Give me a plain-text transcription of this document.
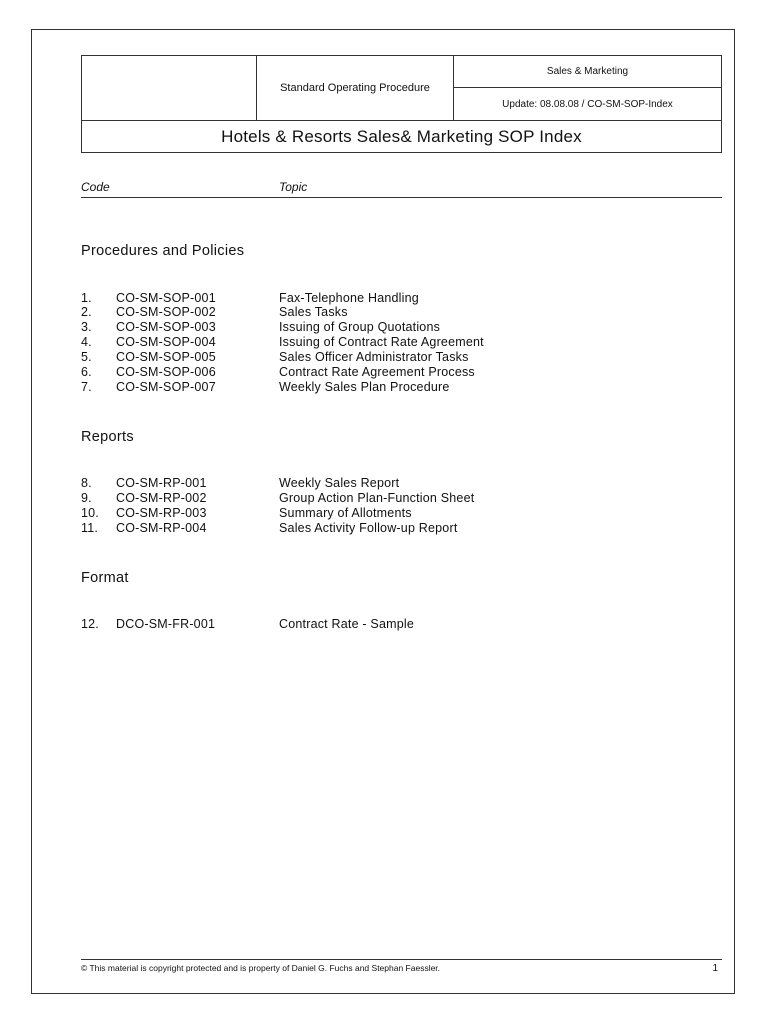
Standard Operating Procedure
Sales & Marketing
Update: 08.08.08 / CO-SM-SOP-Index
Hotels & Resorts Sales& Marketing SOP Index
Code	Topic
Procedures and Policies
1. CO-SM-SOP-001	Fax-Telephone Handling
2. CO-SM-SOP-002	Sales Tasks
3. CO-SM-SOP-003	Issuing of Group Quotations
4. CO-SM-SOP-004	Issuing of Contract Rate Agreement
5. CO-SM-SOP-005	Sales Officer Administrator Tasks
6. CO-SM-SOP-006	Contract Rate Agreement Process
7. CO-SM-SOP-007	Weekly Sales Plan Procedure
Reports
8. CO-SM-RP-001	Weekly Sales Report
9. CO-SM-RP-002	Group Action Plan-Function Sheet
10. CO-SM-RP-003	Summary of Allotments
11. CO-SM-RP-004	Sales Activity Follow-up Report
Format
12. DCO-SM-FR-001	Contract Rate - Sample
© This material is copyright protected and is property of Daniel G. Fuchs and Stephan Faessler.	1
